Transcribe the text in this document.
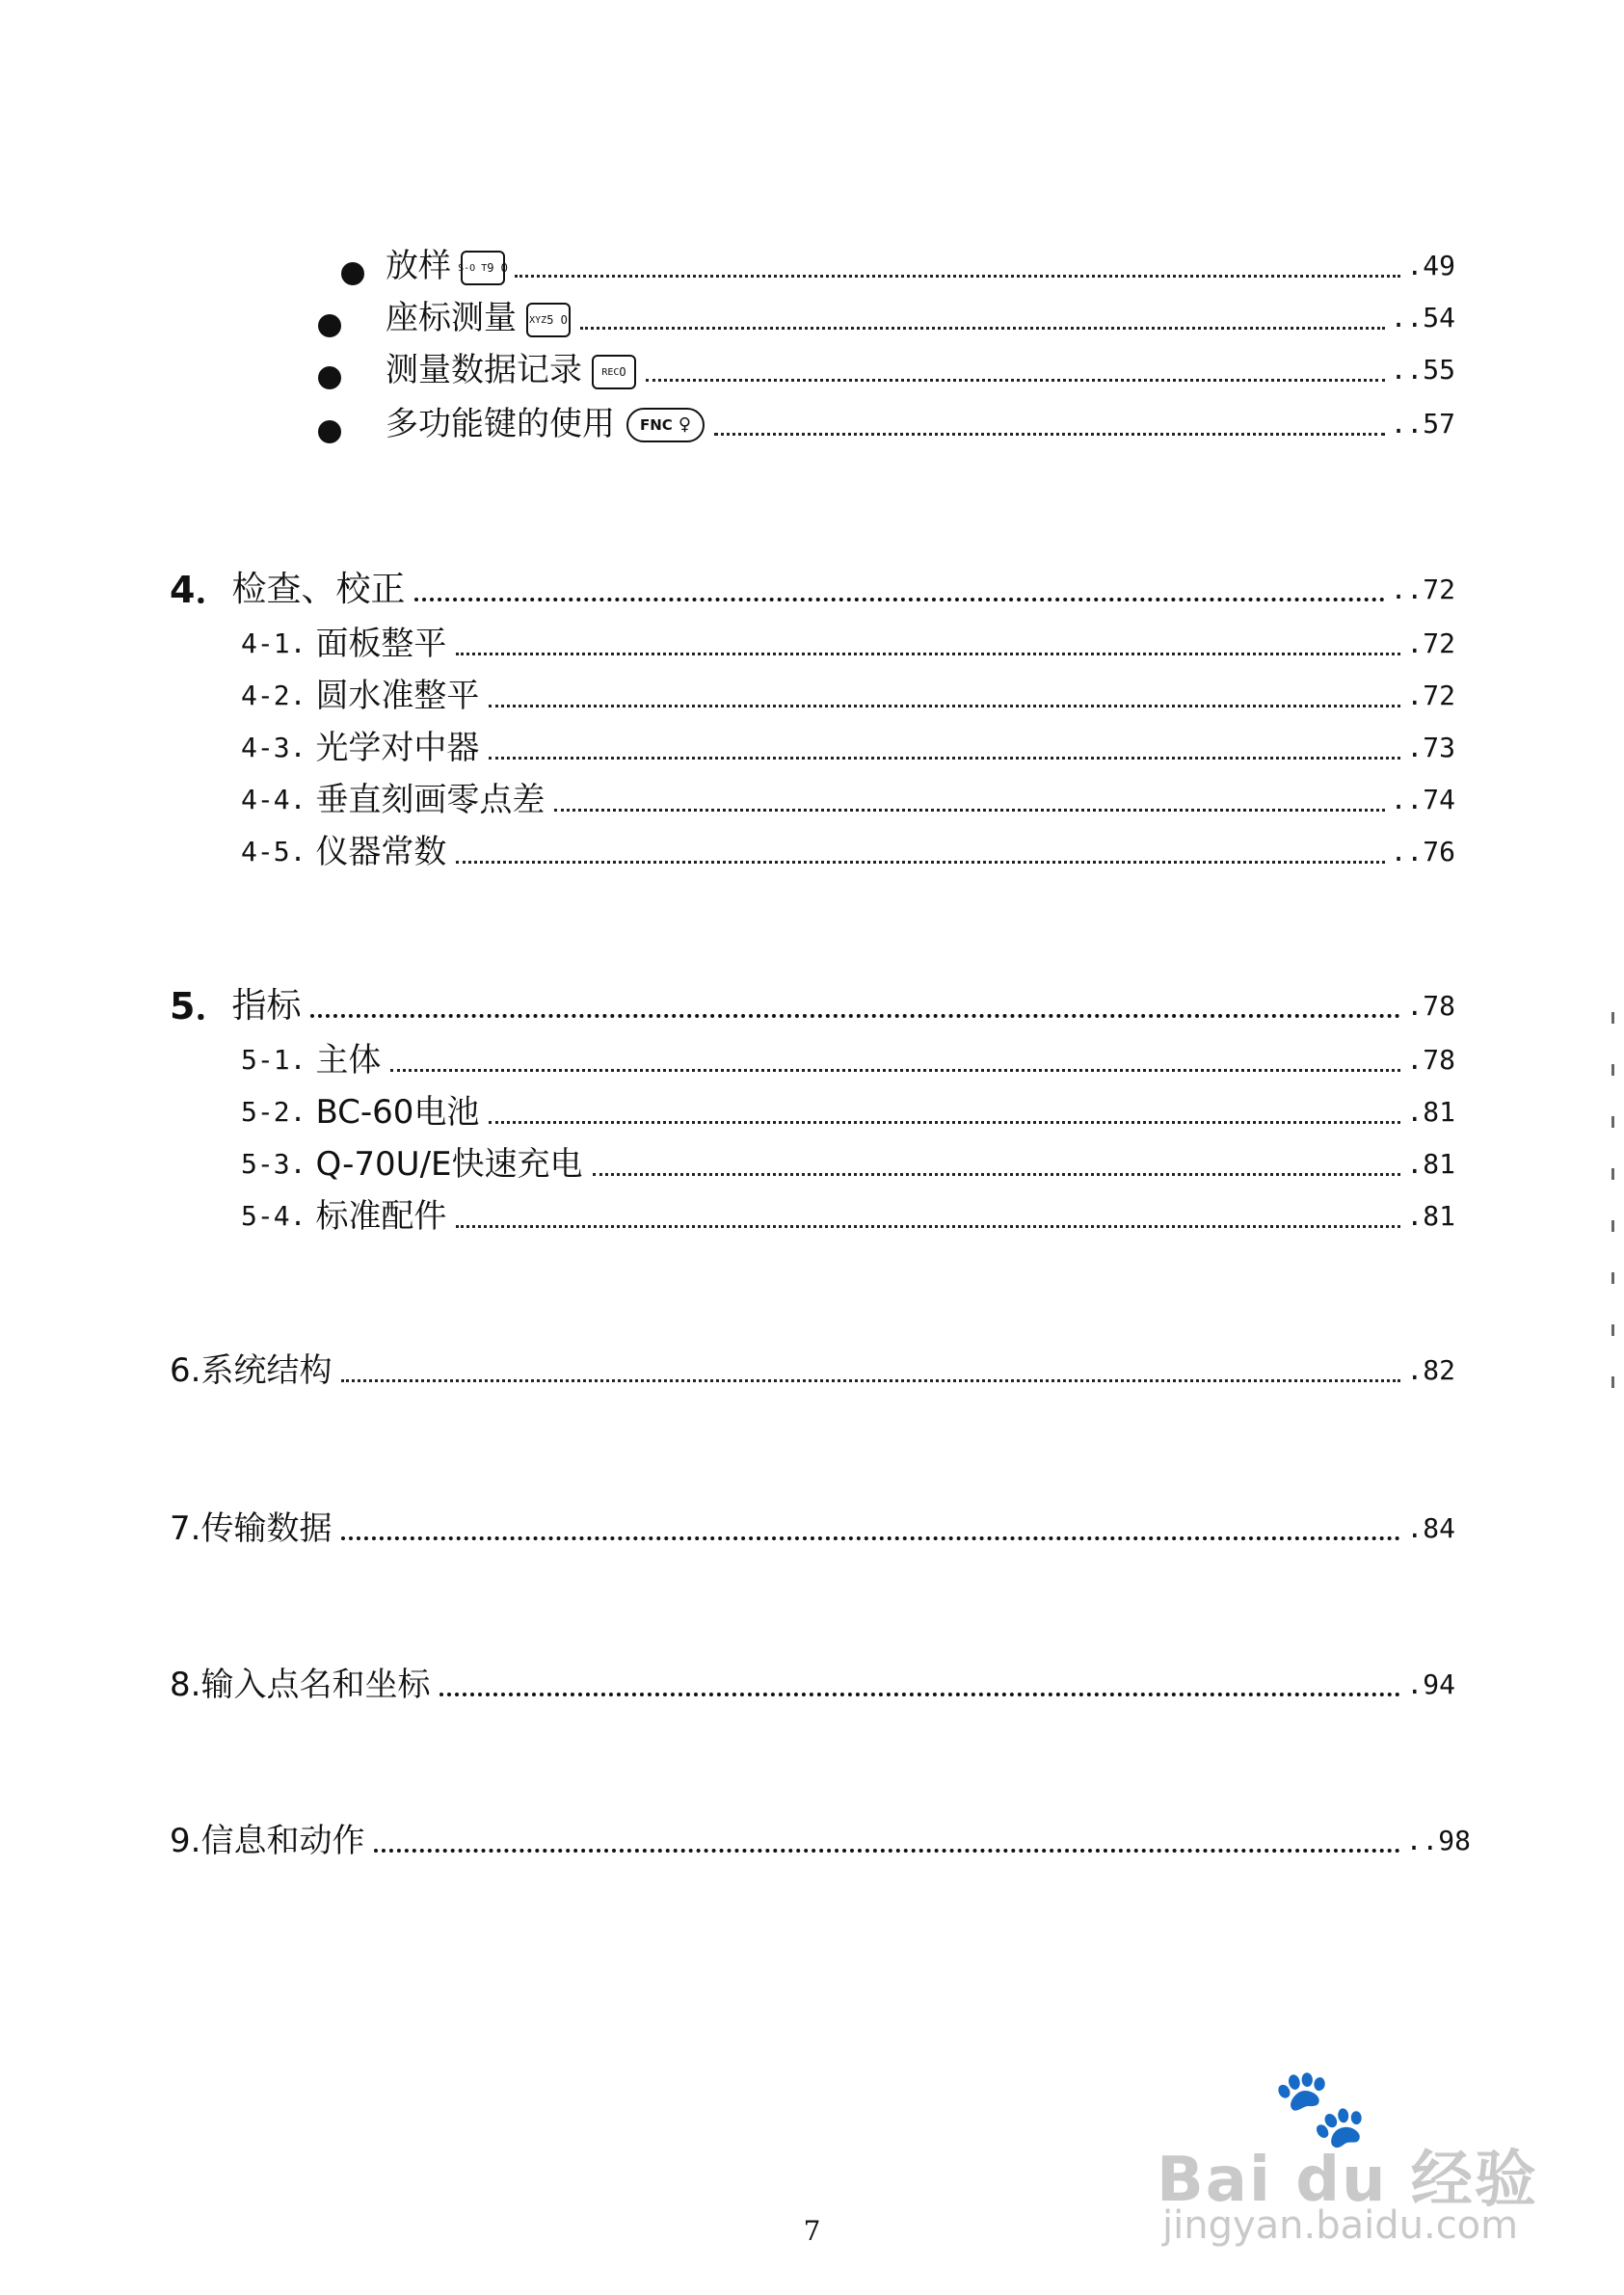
放样 S-O T 9 O	.49
座标测量 XYZ 5 O	..54
测量数据记录 REC O	..55
多功能键的使用 FNC ♀	..57
4． 检查、校正	..72
4-1. 面板整平	.72
4-2. 圆水准整平	.72
4-3. 光学对中器	.73
4-4. 垂直刻画零点差	..74
4-5. 仪器常数	..76
5． 指标	.78
5-1. 主体	.78
5-2. BC-60电池	.81
5-3. Q-70U/E快速充电	.81
5-4. 标准配件	.81
6.系统结构	.82
7.传输数据	.84
8.输入点名和坐标	.94
9.信息和动作	..98
7
🐾
Bai du 经验
jingyan.baidu.com
